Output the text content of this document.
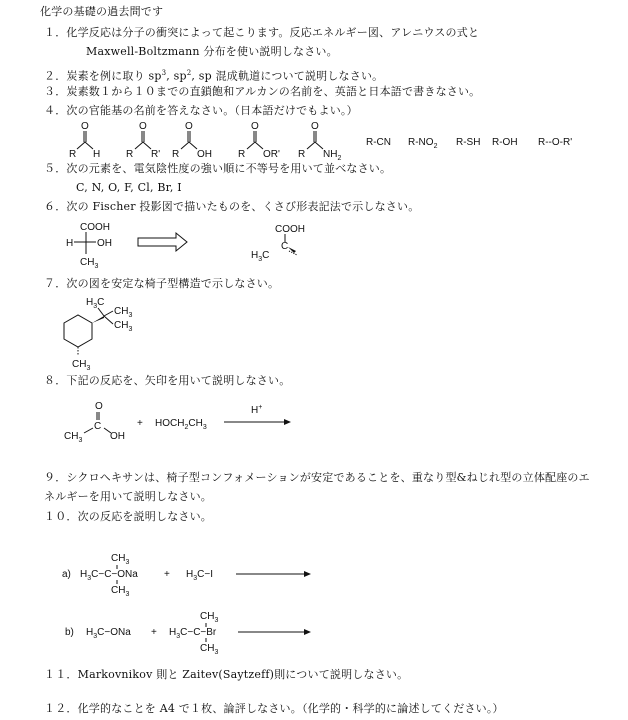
化学の基礎の過去問です
１．化学反応は分子の衝突によって起こります。反応エネルギー図、アレニウスの式と
Maxwell-Boltzmann 分布を使い説明しなさい。
２．炭素を例に取り $sp^3$, $sp^2$, sp 混成軌道について説明しなさい。
３．炭素数１から１０までの直鎖飽和アルカンの名前を、英語と日本語で書きなさい。
４．次の官能基の名前を答えなさい。（日本語だけでもよい。）
O
R H
O
R R'
O
R OH
O
R OR'
O
R $NH_2$
R-CN $R-NO_2$ R-SH R-OH R--O-R'
５．次の元素を、電気陰性度の強い順に不等号を用いて並べなさい。
C, N, O, F, Cl, Br, I
６．次の Fischer 投影図で描いたものを、くさび形表記法で示しなさい。
COOH
H OH
$CH_3$
COOH
C
$H_3C$
７．次の図を安定な椅子型構造で示しなさい。
$H_3C$
$CH_3$
$CH_3$
$CH_3$
８．下記の反応を、矢印を用いて説明しなさい。
O
C
$CH_3$	OH
+ $HOCH_2CH_3$
H+
９．シクロヘキサンは、椅子型コンフォメーションが安定であることを、重なり型&ねじれ型の立体配座のエ
ネルギーを用いて説明しなさい。
１０．次の反応を説明しなさい。
a)
$CH_3$
$H_3C-C-ONa$
$CH_3$
+ $H_3C-I$
b) $H_3C-ONa$ +
$CH_3$
$H_3C-C-Br$
$CH_3$
１１．Markovnikov 則と Zaitev(Saytzeff)則について説明しなさい。
１２．化学的なことを A4 で１枚、論評しなさい。（化学的・科学的に論述してください。）
